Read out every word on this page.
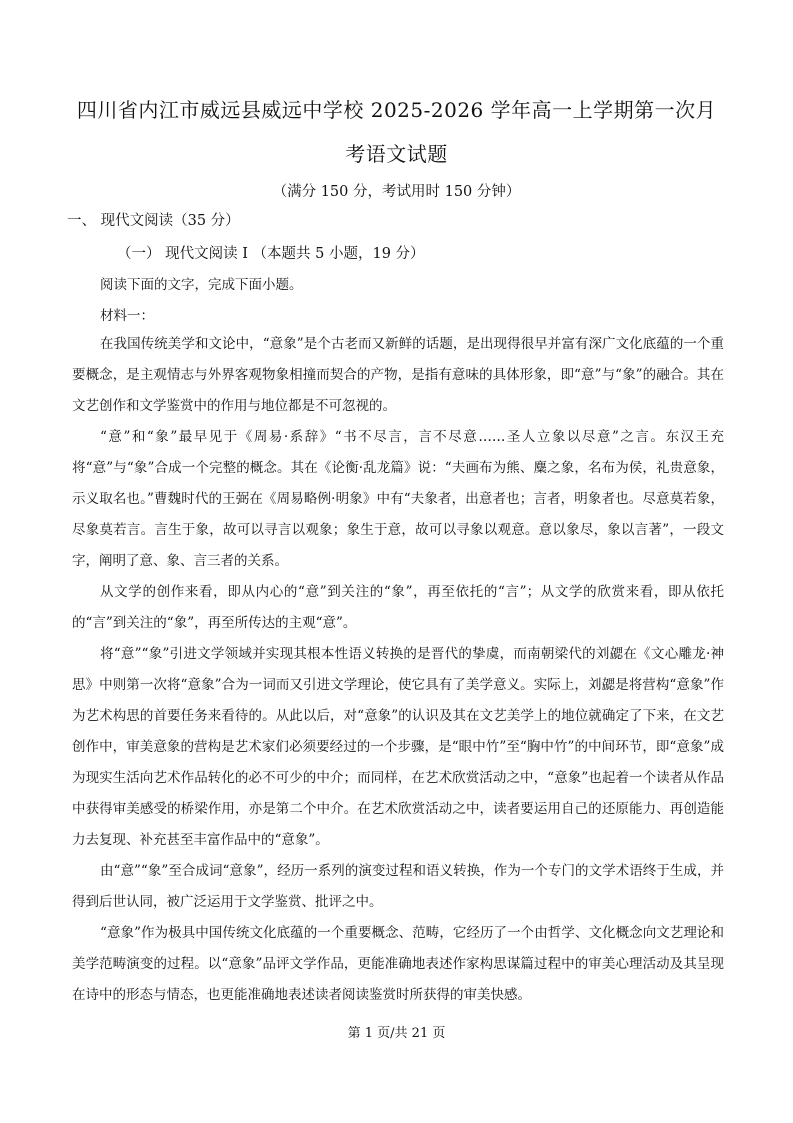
四川省内江市威远县威远中学校 2025-2026 学年高一上学期第一次月
考语文试题
（满分 150 分，考试用时 150 分钟）
一、 现代文阅读（35 分）
（一） 现代文阅读 I （本题共 5 小题，19 分）
阅读下面的文字，完成下面小题。
材料一：

在我国传统美学和文论中，“意象”是个古老而又新鲜的话题，是出现得很早并富有深广文化底蕴的一个重要概念，是主观情志与外界客观物象相撞而契合的产物，是指有意味的具体形象，即“意”与“象”的融合。其在文艺创作和文学鉴赏中的作用与地位都是不可忽视的。

“意”和“象”最早见于《周易·系辞》“书不尽言，言不尽意……圣人立象以尽意”之言。东汉王充将“意”与“象”合成一个完整的概念。其在《论衡·乱龙篇》说：“夫画布为熊、麋之象，名布为侯，礼贵意象，示义取名也。”曹魏时代的王弼在《周易略例·明象》中有“夫象者，出意者也；言者，明象者也。尽意莫若象，尽象莫若言。言生于象，故可以寻言以观象；象生于意，故可以寻象以观意。意以象尽，象以言著”，一段文字，阐明了意、象、言三者的关系。

从文学的创作来看，即从内心的“意”到关注的“象”，再至依托的“言”；从文学的欣赏来看，即从依托的“言”到关注的“象”，再至所传达的主观“意”。

将“意”“象”引进文学领域并实现其根本性语义转换的是晋代的挚虞，而南朝梁代的刘勰在《文心雕龙·神思》中则第一次将“意象”合为一词而又引进文学理论，使它具有了美学意义。实际上，刘勰是将营构“意象”作为艺术构思的首要任务来看待的。从此以后，对“意象”的认识及其在文艺美学上的地位就确定了下来，在文艺创作中，审美意象的营构是艺术家们必须要经过的一个步骤，是“眼中竹”至“胸中竹”的中间环节，即“意象”成为现实生活向艺术作品转化的必不可少的中介；而同样，在艺术欣赏活动之中，“意象”也起着一个读者从作品中获得审美感受的桥梁作用，亦是第二个中介。在艺术欣赏活动之中，读者要运用自己的还原能力、再创造能力去复现、补充甚至丰富作品中的“意象”。

由“意”“象”至合成词“意象”，经历一系列的演变过程和语义转换，作为一个专门的文学术语终于生成，并得到后世认同，被广泛运用于文学鉴赏、批评之中。

“意象”作为极具中国传统文化底蕴的一个重要概念、范畴，它经历了一个由哲学、文化概念向文艺理论和美学范畴演变的过程。以“意象”品评文学作品，更能准确地表述作家构思谋篇过程中的审美心理活动及其呈现在诗中的形态与情态，也更能准确地表述读者阅读鉴赏时所获得的审美快感。

第 1 页/共 21 页
